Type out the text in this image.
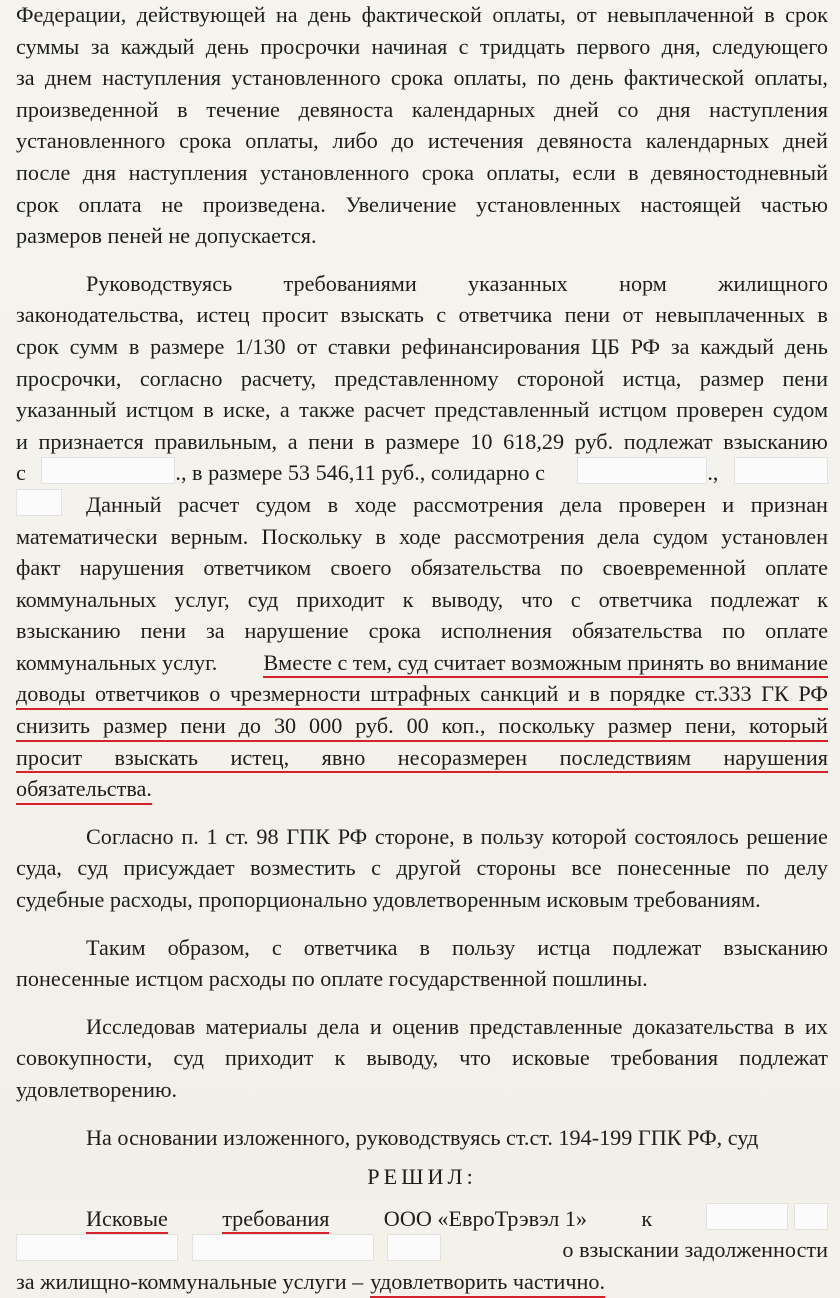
Федерации, действующей на день фактической оплаты, от невыплаченной в срок
суммы за каждый день просрочки начиная с тридцать первого дня, следующего
за днем наступления установленного срока оплаты, по день фактической оплаты,
произведенной в течение девяноста календарных дней со дня наступления
установленного срока оплаты, либо до истечения девяноста календарных дней
после дня наступления установленного срока оплаты, если в девяностодневный
срок оплата не произведена. Увеличение установленных настоящей частью
размеров пеней не допускается.
Руководствуясь требованиями указанных норм жилищного
законодательства, истец просит взыскать с ответчика пени от невыплаченных в
срок сумм в размере 1/130 от ставки рефинансирования ЦБ РФ за каждый день
просрочки, согласно расчету, представленному стороной истца, размер пени
указанный истцом в иске, а также расчет представленный истцом проверен судом
и признается правильным, а пени в размере 10 618,29 руб. подлежат взысканию
с	., в размере 53 546,11 руб., солидарно с	.,
Данный расчет судом в ходе рассмотрения дела проверен и признан
математически верным. Поскольку в ходе рассмотрения дела судом установлен
факт нарушения ответчиком своего обязательства по своевременной оплате
коммунальных услуг, суд приходит к выводу, что с ответчика подлежат к
взысканию пени за нарушение срока исполнения обязательства по оплате
коммунальных услуг. Вместе с тем, суд считает возможным принять во внимание
доводы ответчиков о чрезмерности штрафных санкций и в порядке ст.333 ГК РФ
снизить размер пени до 30 000 руб. 00 коп., поскольку размер пени, который
просит взыскать истец, явно несоразмерен последствиям нарушения
обязательства.
Согласно п. 1 ст. 98 ГПК РФ стороне, в пользу которой состоялось решение
суда, суд присуждает возместить с другой стороны все понесенные по делу
судебные расходы, пропорционально удовлетворенным исковым требованиям.
Таким образом, с ответчика в пользу истца подлежат взысканию
понесенные истцом расходы по оплате государственной пошлины.
Исследовав материалы дела и оценив представленные доказательства в их
совокупности, суд приходит к выводу, что исковые требования подлежат
удовлетворению.
На основании изложенного, руководствуясь ст.ст. 194-199 ГПК РФ, суд
РЕШИЛ:
Исковые требования ООО «ЕвроТрэвэл 1» к

о взыскании задолженности
за жилищно-коммунальные услуги – удовлетворить частично.
